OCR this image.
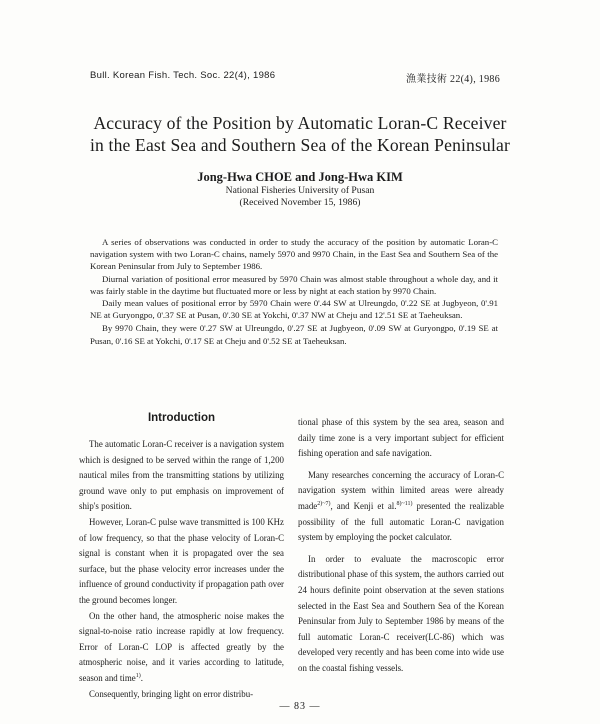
Bull. Korean Fish. Tech. Soc. 22(4), 1986	漁業技術 22(4), 1986
Accuracy of the Position by Automatic Loran-C Receiver
in the East Sea and Southern Sea of the Korean Peninsular
Jong-Hwa CHOE and Jong-Hwa KIM
National Fisheries University of Pusan
(Received November 15, 1986)

A series of observations was conducted in order to study the accuracy of the position by automatic Loran-C navigation system with two Loran-C chains, namely 5970 and 9970 Chain, in the East Sea and Southern Sea of the Korean Peninsular from July to September 1986.

Diurnal variation of positional error measured by 5970 Chain was almost stable throughout a whole day, and it was fairly stable in the daytime but fluctuated more or less by night at each station by 9970 Chain.

Daily mean values of positional error by 5970 Chain were 0'.44 SW at Ulreungdo, 0'.22 SE at Jugbyeon, 0'.91 NE at Guryongpo, 0'.37 SE at Pusan, 0'.30 SE at Yokchi, 0'.37 NW at Cheju and 12'.51 SE at Taeheuksan.

By 9970 Chain, they were 0'.27 SW at Ulreungdo, 0'.27 SE at Jugbyeon, 0'.09 SW at Guryongpo, 0'.19 SE at Pusan, 0'.16 SE at Yokchi, 0'.17 SE at Cheju and 0'.52 SE at Taeheuksan.

Introduction

The automatic Loran-C receiver is a navigation system which is designed to be served within the range of 1,200 nautical miles from the transmitting stations by utilizing ground wave only to put emphasis on improvement of ship's position.

However, Loran-C pulse wave transmitted is 100 KHz of low frequency, so that the phase velocity of Loran-C signal is constant when it is propagated over the sea surface, but the phase velocity error increases under the influence of ground conductivity if propagation path over the ground becomes longer.

On the other hand, the atmospheric noise makes the signal-to-noise ratio increase rapidly at low frequency. Error of Loran-C LOP is affected greatly by the atmospheric noise, and it varies according to latitude, season and time$^{1)}$.

Consequently, bringing light on error distribu-

tional phase of this system by the sea area, season and daily time zone is a very important subject for efficient fishing operation and safe navigation.

Many researches concerning the accuracy of Loran-C navigation system within limited areas were already made$^{2)\sim 7)}$, and Kenji et al.$^{8)\sim 11)}$ presented the realizable possibility of the full automatic Loran-C navigation system by employing the pocket calculator.

In order to evaluate the macroscopic error distributional phase of this system, the authors carried out 24 hours definite point observation at the seven stations selected in the East Sea and Southern Sea of the Korean Peninsular from July to September 1986 by means of the full automatic Loran-C receiver(LC-86) which was developed very recently and has been come into wide use on the coastal fishing vessels.

— 83 —
